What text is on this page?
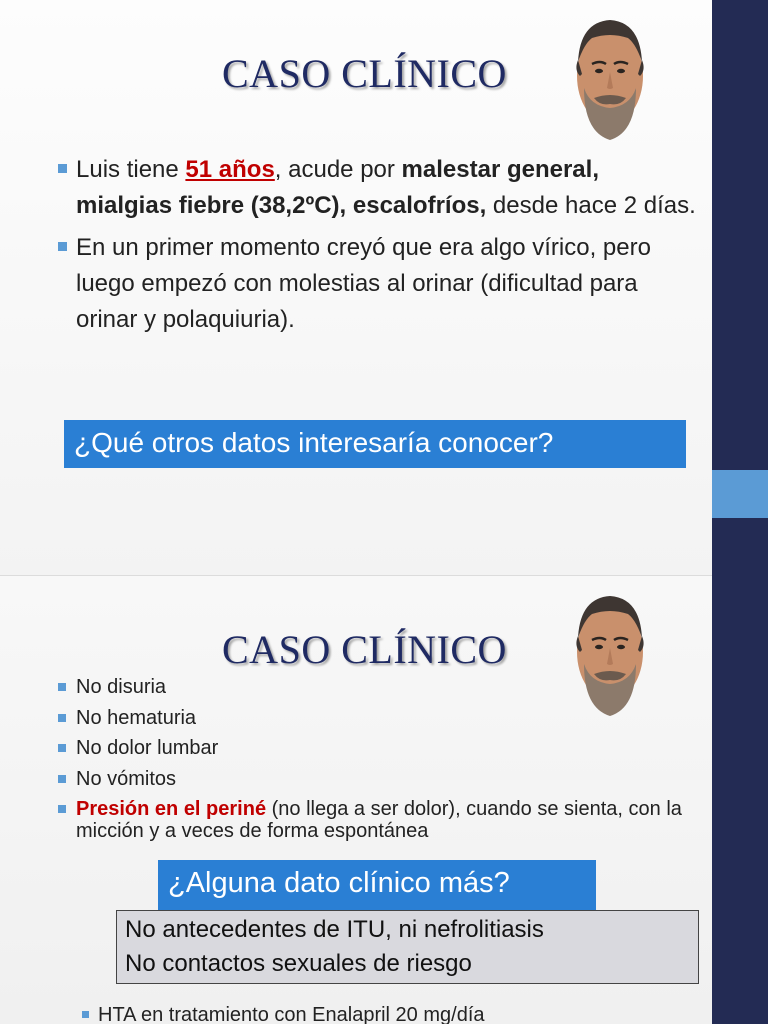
CASO CLÍNICO
Luis tiene 51 años, acude por malestar general, mialgias fiebre (38,2ºC), escalofríos, desde hace 2 días.
En un primer momento creyó que era algo vírico, pero luego empezó con molestias al orinar (dificultad para orinar y polaquiuria).
¿Qué otros datos interesaría conocer?
CASO CLÍNICO
No disuria
No hematuria
No dolor lumbar
No vómitos
Presión en el periné (no llega a ser dolor), cuando se sienta, con la micción y a veces de forma espontánea
¿Alguna dato clínico más?
No antecedentes de ITU, ni nefrolitiasis
No contactos sexuales de riesgo
HTA en tratamiento con Enalapril 20 mg/día
